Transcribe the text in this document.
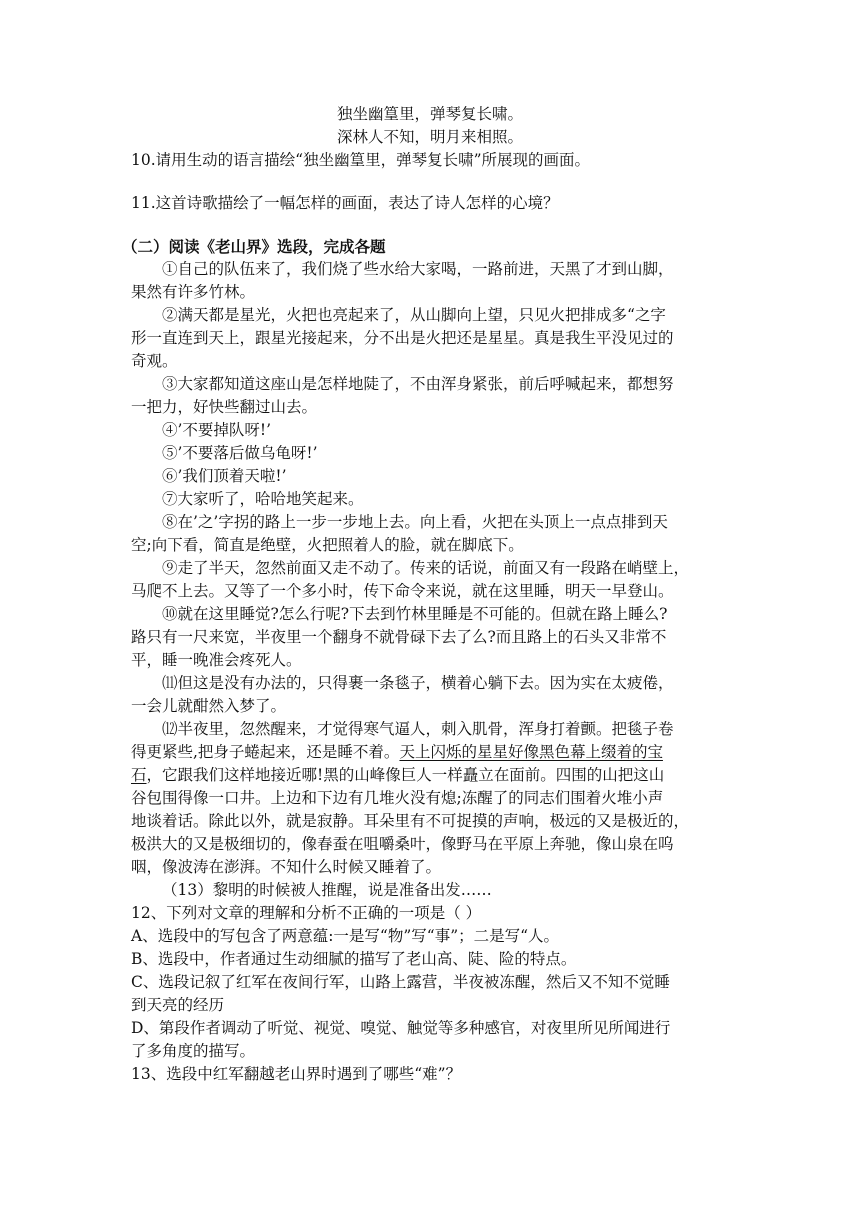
独坐幽篁里，弹琴复长啸。
深林人不知，明月来相照。
10.请用生动的语言描绘“独坐幽篁里，弹琴复长啸”所展现的画面。
11.这首诗歌描绘了一幅怎样的画面，表达了诗人怎样的心境？
（二）阅读《老山界》选段，完成各题
①自己的队伍来了，我们烧了些水给大家喝，一路前进，天黑了才到山脚，
果然有许多竹林。
②满天都是星光，火把也亮起来了，从山脚向上望，只见火把排成多“之字
形一直连到天上，跟星光接起来，分不出是火把还是星星。真是我生平没见过的
奇观。
③大家都知道这座山是怎样地陡了，不由浑身紧张，前后呼喊起来，都想努
一把力，好快些翻过山去。
④’不要掉队呀!’
⑤’不要落后做乌龟呀!’
⑥’我们顶着天啦!’
⑦大家听了，哈哈地笑起来。
⑧在’之’字拐的路上一步一步地上去。向上看，火把在头顶上一点点排到天
空;向下看，简直是绝壁，火把照着人的脸，就在脚底下。
⑨走了半天，忽然前面又走不动了。传来的话说，前面又有一段路在峭壁上，
马爬不上去。又等了一个多小时，传下命令来说，就在这里睡，明天一早登山。
⑩就在这里睡觉?怎么行呢?下去到竹林里睡是不可能的。但就在路上睡么?
路只有一尺来宽，半夜里一个翻身不就骨碌下去了么?而且路上的石头又非常不
平，睡一晚准会疼死人。
⑾但这是没有办法的，只得裹一条毯子，横着心躺下去。因为实在太疲倦，
一会儿就酣然入梦了。
⑿半夜里，忽然醒来，才觉得寒气逼人，刺入肌骨，浑身打着颤。把毯子卷
得更紧些,把身子蜷起来，还是睡不着。天上闪烁的星星好像黑色幕上缀着的宝
石，它跟我们这样地接近哪!黑的山峰像巨人一样矗立在面前。四围的山把这山
谷包围得像一口井。上边和下边有几堆火没有熄;冻醒了的同志们围着火堆小声
地谈着话。除此以外，就是寂静。耳朵里有不可捉摸的声响，极远的又是极近的，
极洪大的又是极细切的，像春蚕在咀嚼桑叶，像野马在平原上奔驰，像山泉在呜
咽，像波涛在澎湃。不知什么时候又睡着了。
（13）黎明的时候被人推醒，说是准备出发……
12、下列对文章的理解和分析不正确的一项是（ ）
A、选段中的写包含了两意蕴:一是写“物”写“事”；二是写“人。
B、选段中，作者通过生动细腻的描写了老山高、陡、险的特点。
C、选段记叙了红军在夜间行军，山路上露营，半夜被冻醒，然后又不知不觉睡
到天亮的经历
D、第段作者调动了听觉、视觉、嗅觉、触觉等多种感官，对夜里所见所闻进行
了多角度的描写。
13、选段中红军翻越老山界时遇到了哪些“难”？
